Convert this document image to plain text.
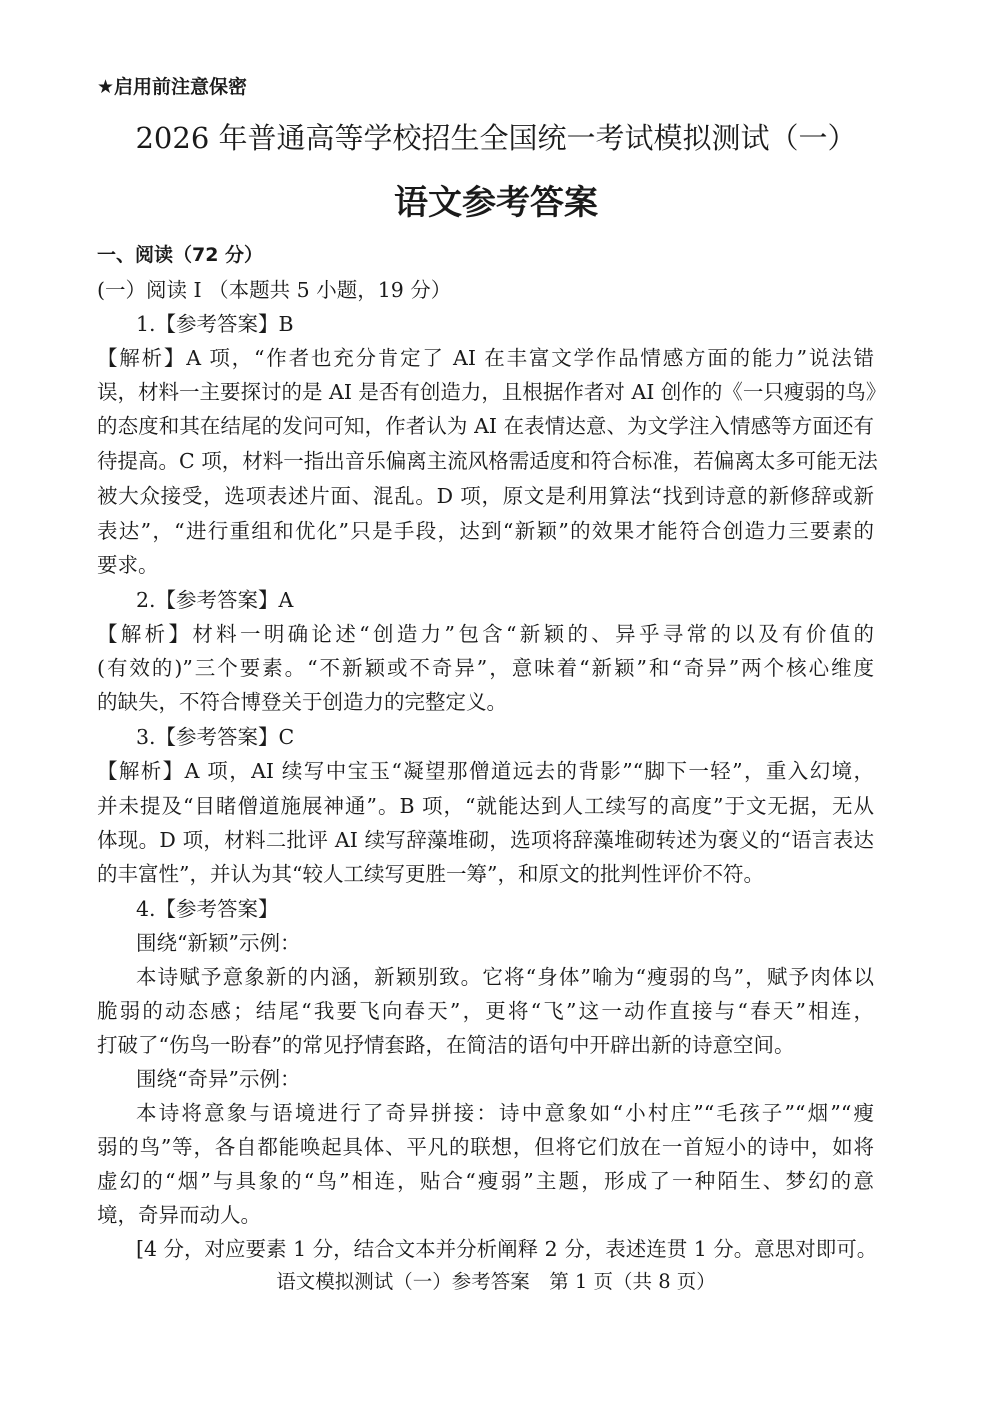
★启用前注意保密
2026 年普通高等学校招生全国统一考试模拟测试（一）
语文参考答案
一、阅读（72 分）
(一）阅读 I （本题共 5 小题，19 分）
1.【参考答案】B
【解析】A 项，“作者也充分肯定了 AI 在丰富文学作品情感方面的能力”说法错
误，材料一主要探讨的是 AI 是否有创造力，且根据作者对 AI 创作的《一只瘦弱的鸟》
的态度和其在结尾的发问可知，作者认为 AI 在表情达意、为文学注入情感等方面还有
待提高。C 项，材料一指出音乐偏离主流风格需适度和符合标准，若偏离太多可能无法
被大众接受，选项表述片面、混乱。D 项，原文是利用算法“找到诗意的新修辞或新
表达”，“进行重组和优化”只是手段，达到“新颖”的效果才能符合创造力三要素的
要求。
2.【参考答案】A
【解析】材料一明确论述“创造力”包含“新颖的、异乎寻常的以及有价值的
(有效的)”三个要素。“不新颖或不奇异”，意味着“新颖”和“奇异”两个核心维度
的缺失，不符合博登关于创造力的完整定义。
3.【参考答案】C
【解析】A 项，AI 续写中宝玉“凝望那僧道远去的背影”“脚下一轻”，重入幻境，
并未提及“目睹僧道施展神通”。B 项，“就能达到人工续写的高度”于文无据，无从
体现。D 项，材料二批评 AI 续写辞藻堆砌，选项将辞藻堆砌转述为褒义的“语言表达
的丰富性”，并认为其“较人工续写更胜一筹”，和原文的批判性评价不符。
4.【参考答案】
围绕“新颖”示例：
本诗赋予意象新的内涵，新颖别致。它将“身体”喻为“瘦弱的鸟”，赋予肉体以
脆弱的动态感；结尾“我要飞向春天”，更将“飞”这一动作直接与“春天”相连，
打破了“伤鸟一盼春”的常见抒情套路，在简洁的语句中开辟出新的诗意空间。
围绕“奇异”示例：
本诗将意象与语境进行了奇异拼接：诗中意象如“小村庄”“毛孩子”“烟”“瘦
弱的鸟”等，各自都能唤起具体、平凡的联想，但将它们放在一首短小的诗中，如将
虚幻的“烟”与具象的“鸟”相连，贴合“瘦弱”主题，形成了一种陌生、梦幻的意
境，奇异而动人。
[4 分，对应要素 1 分，结合文本并分析阐释 2 分，表述连贯 1 分。意思对即可。
语文模拟测试（一）参考答案　第 1 页（共 8 页）
